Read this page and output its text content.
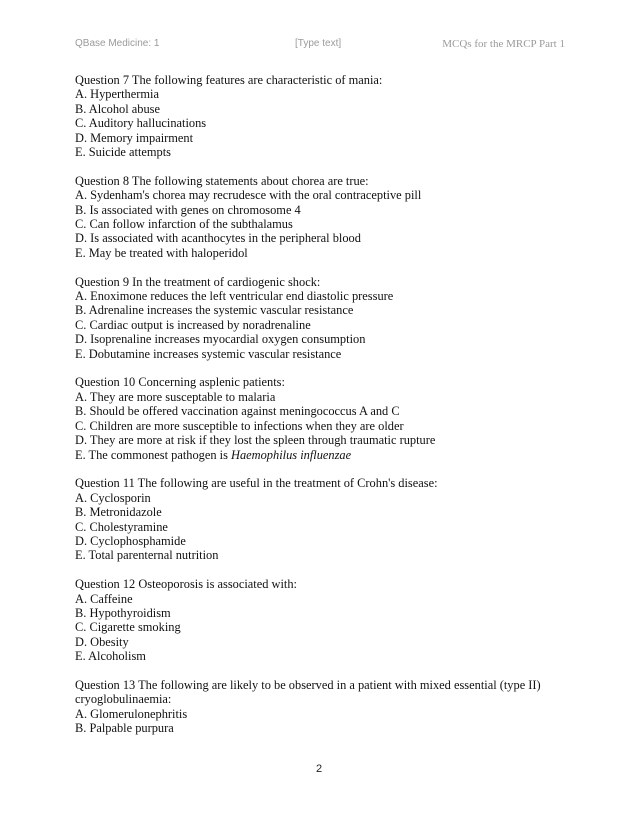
QBase Medicine: 1	[Type text]	MCQs for the MRCP Part 1
Question 7 The following features are characteristic of mania:
A. Hyperthermia
B. Alcohol abuse
C. Auditory hallucinations
D. Memory impairment
E. Suicide attempts
Question 8 The following statements about chorea are true:
A. Sydenham's chorea may recrudesce with the oral contraceptive pill
B. Is associated with genes on chromosome 4
C. Can follow infarction of the subthalamus
D. Is associated with acanthocytes in the peripheral blood
E. May be treated with haloperidol
Question 9 In the treatment of cardiogenic shock:
A. Enoximone reduces the left ventricular end diastolic pressure
B. Adrenaline increases the systemic vascular resistance
C. Cardiac output is increased by noradrenaline
D. Isoprenaline increases myocardial oxygen consumption
E. Dobutamine increases systemic vascular resistance
Question 10 Concerning asplenic patients:
A. They are more susceptable to malaria
B. Should be offered vaccination against meningococcus A and C
C. Children are more susceptible to infections when they are older
D. They are more at risk if they lost the spleen through traumatic rupture
E. The commonest pathogen is Haemophilus influenzae
Question 11 The following are useful in the treatment of Crohn's disease:
A. Cyclosporin
B. Metronidazole
C. Cholestyramine
D. Cyclophosphamide
E. Total parenternal nutrition
Question 12 Osteoporosis is associated with:
A. Caffeine
B. Hypothyroidism
C. Cigarette smoking
D. Obesity
E. Alcoholism
Question 13 The following are likely to be observed in a patient with mixed essential (type II)
cryoglobulinaemia:
A. Glomerulonephritis
B. Palpable purpura
2
